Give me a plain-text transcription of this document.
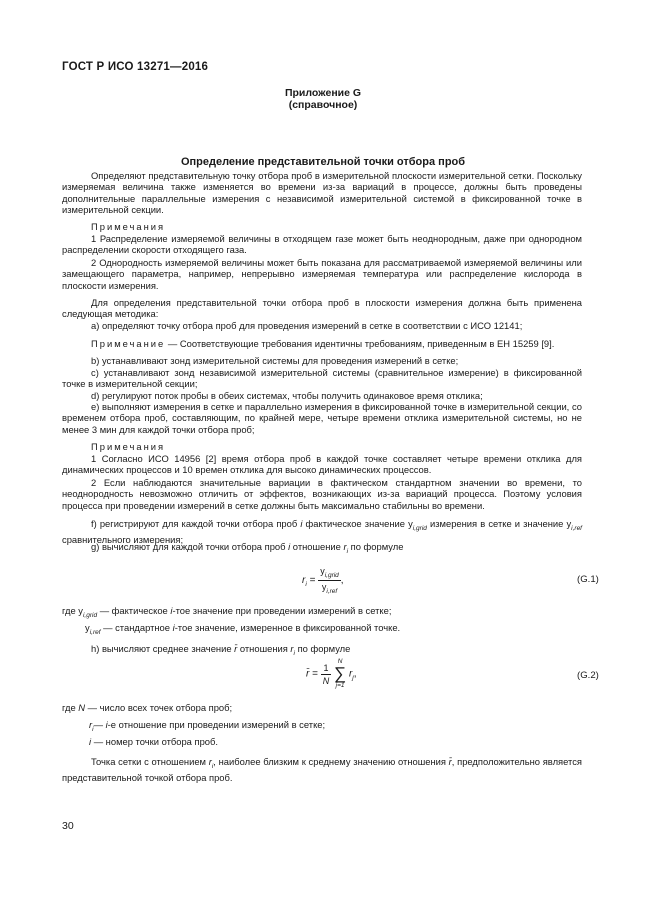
ГОСТ Р ИСО 13271—2016
Приложение G
(справочное)
Определение представительной точки отбора проб
Определяют представительную точку отбора проб в измерительной плоскости измерительной сетки. Поскольку измеряемая величина также изменяется во времени из-за вариаций в процессе, должны быть проведены дополнительные параллельные измерения с независимой измерительной системой в фиксированной точке в измерительной секции.
Примечания
1 Распределение измеряемой величины в отходящем газе может быть неоднородным, даже при однородном распределении скорости отходящего газа.
2 Однородность измеряемой величины может быть показана для рассматриваемой измеряемой величины или замещающего параметра, например, непрерывно измеряемая температура или распределение кислорода в плоскости измерения.
Для определения представительной точки отбора проб в плоскости измерения должна быть применена следующая методика:
а) определяют точку отбора проб для проведения измерений в сетке в соответствии с ИСО 12141;
Примечание — Соответствующие требования идентичны требованиям, приведенным в ЕН 15259 [9].
b) устанавливают зонд измерительной системы для проведения измерений в сетке;
с) устанавливают зонд независимой измерительной системы (сравнительное измерение) в фиксированной точке в измерительной секции;
d) регулируют поток пробы в обеих системах, чтобы получить одинаковое время отклика;
е) выполняют измерения в сетке и параллельно измерения в фиксированной точке в измерительной секции, со временем отбора проб, составляющим, по крайней мере, четыре времени отклика измерительной системы, но не менее 3 мин для каждой точки отбора проб;
Примечания
1 Согласно ИСО 14956 [2] время отбора проб в каждой точке составляет четыре времени отклика для динамических процессов и 10 времен отклика для высоко динамических процессов.
2 Если наблюдаются значительные вариации в фактическом стандартном значении во времени, то неоднородность невозможно отличить от эффектов, возникающих из-за вариаций процесса. Поэтому условия процесса при проведении измерений в сетке должны быть максимально стабильны во времени.
f) регистрируют для каждой точки отбора проб i фактическое значение $y_{i,grid}$ измерения в сетке и значение $y_{i,ref}$ сравнительного измерения;
g) вычисляют для каждой точки отбора проб i отношение $r_i$ по формуле
$r_i = \frac{y_{i,grid}}{y_{i,ref}}$ ,	(G.1)
где $y_{i,grid}$ — фактическое i-тое значение при проведении измерений в сетке;
$y_{i,ref}$ — стандартное i-тое значение, измеренное в фиксированной точке.
h) вычисляют среднее значение r̄ отношения $r_i$ по формуле
r̄ = $\frac{1}{N}$

N
∑
j=1
$r_j$,	(G.2)
где N — число всех точек отбора проб;
$r_i—$ i-е отношение при проведении измерений в сетке;
i — номер точки отбора проб.
Точка сетки с отношением $r_i$, наиболее близким к среднему значению отношения r̄, предположительно является представительной точкой отбора проб.
30
